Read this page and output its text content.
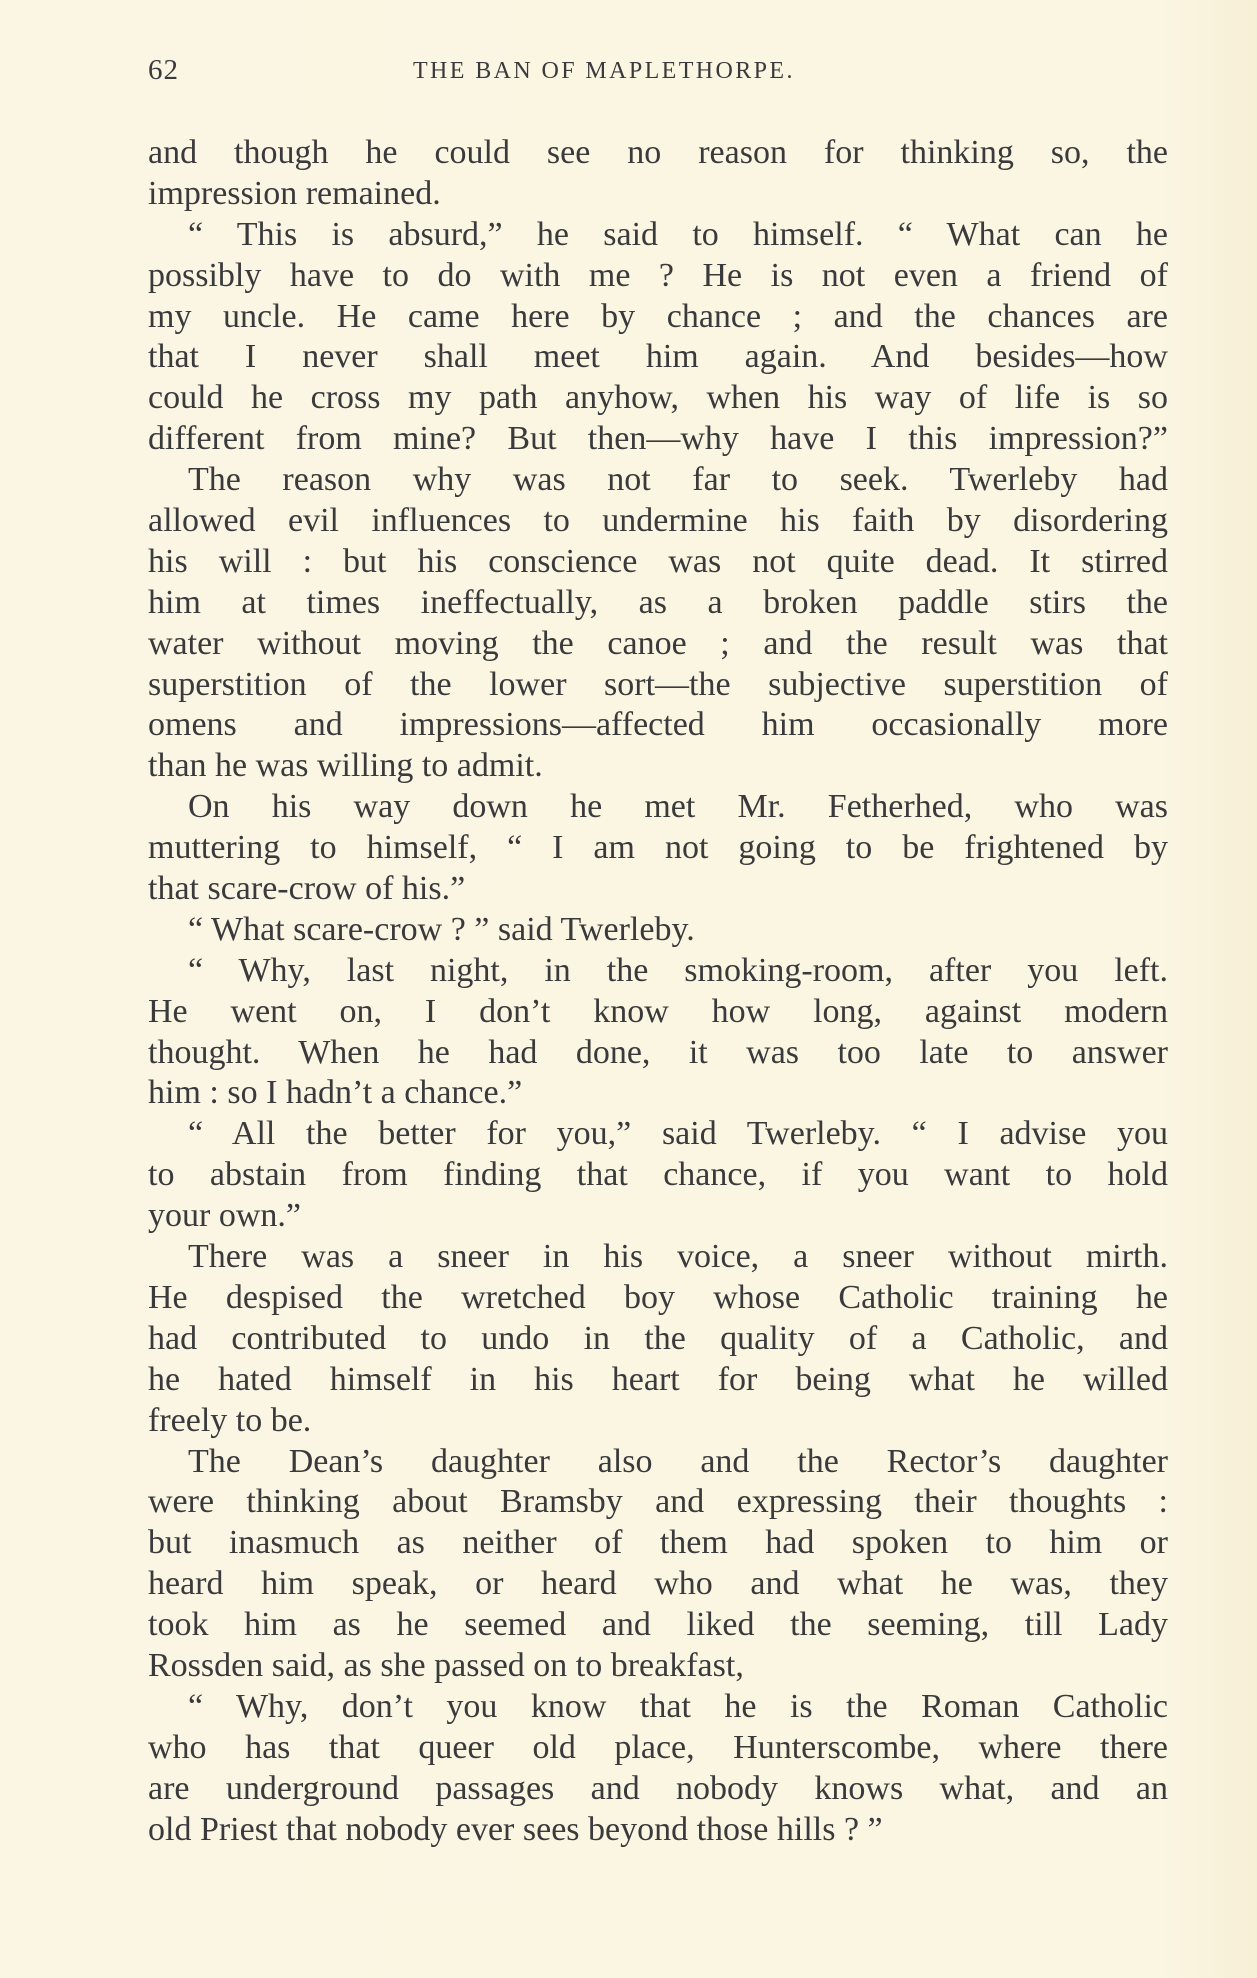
62	THE BAN OF MAPLETHORPE.
and though he could see no reason for thinking so, the
impression remained.
“ This is absurd,” he said to himself. “ What can he
possibly have to do with me ? He is not even a friend of
my uncle. He came here by chance ; and the chances are
that I never shall meet him again. And besides—how
could he cross my path anyhow, when his way of life is so
different from mine? But then—why have I this impression?”
The reason why was not far to seek. Twerleby had
allowed evil influences to undermine his faith by disordering
his will : but his conscience was not quite dead. It stirred
him at times ineffectually, as a broken paddle stirs the
water without moving the canoe ; and the result was that
superstition of the lower sort—the subjective superstition of
omens and impressions—affected him occasionally more
than he was willing to admit.
On his way down he met Mr. Fetherhed, who was
muttering to himself, “ I am not going to be frightened by
that scare-crow of his.”
“ What scare-crow ? ” said Twerleby.
“ Why, last night, in the smoking-room, after you left.
He went on, I don’t know how long, against modern
thought. When he had done, it was too late to answer
him : so I hadn’t a chance.”
“ All the better for you,” said Twerleby. “ I advise you
to abstain from finding that chance, if you want to hold
your own.”
There was a sneer in his voice, a sneer without mirth.
He despised the wretched boy whose Catholic training he
had contributed to undo in the quality of a Catholic, and
he hated himself in his heart for being what he willed
freely to be.
The Dean’s daughter also and the Rector’s daughter
were thinking about Bramsby and expressing their thoughts :
but inasmuch as neither of them had spoken to him or
heard him speak, or heard who and what he was, they
took him as he seemed and liked the seeming, till Lady
Rossden said, as she passed on to breakfast,
“ Why, don’t you know that he is the Roman Catholic
who has that queer old place, Hunterscombe, where there
are underground passages and nobody knows what, and an
old Priest that nobody ever sees beyond those hills ? ”
